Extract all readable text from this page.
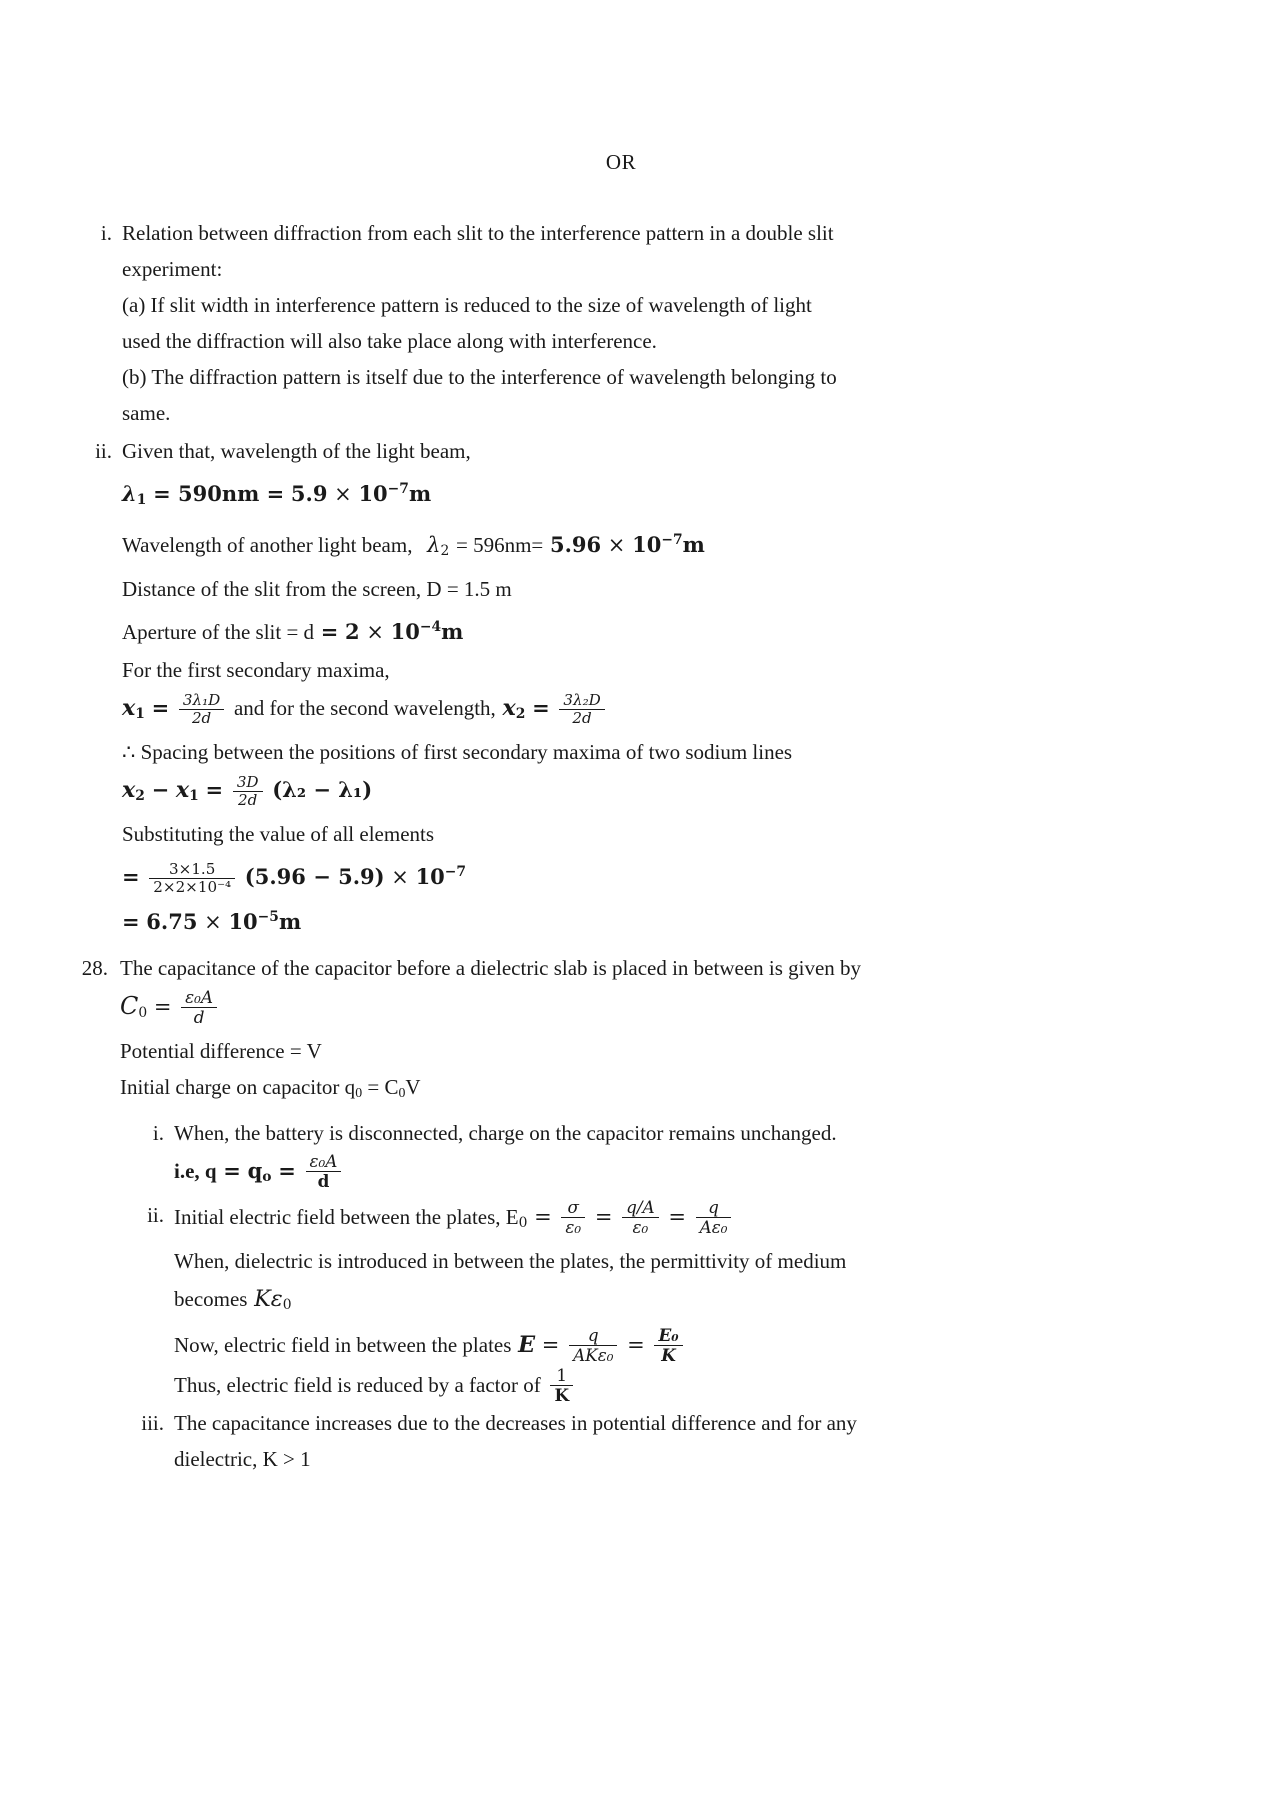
OR
i. Relation between diffraction from each slit to the interference pattern in a double slit
experiment:
(a) If slit width in interference pattern is reduced to the size of wavelength of light
used the diffraction will also take place along with interference.
(b) The diffraction pattern is itself due to the interference of wavelength belonging to
same.
ii. Given that, wavelength of the light beam,
$\lambda_1 = 590nm = 5.9 \times 10^{-7}m$
Wavelength of another light beam, $\lambda_2 = 596nm= 5.96 \times 10^{-7}m$
Distance of the slit from the screen, D = 1.5 m
Aperture of the slit = $d = 2 \times 10^{-4}m$
For the first secondary maxima,
$x_1 = \frac{\text{3λ₁D}}{2d}$ and for the second wavelength, $x_2 = \frac{\text{3λ₂D}}{2d}$
∴ Spacing between the positions of first secondary maxima of two sodium lines
$x_2 - x_1 = \frac{3D}{2d} (\lambda_2 - \lambda_1)$
Substituting the value of all elements
= $\frac{3\times 1.5}{\text{2×2×10⁻⁴}} (5.96 - 5.9) \times 10^{-7}$
= $6.75 \times 10^{-5}m$
28. The capacitance of the capacitor before a dielectric slab is placed in between is given by
$C_0 = \frac{\text{ε₀A}}{d}$
Potential difference = V
Initial charge on capacitor $q_0 = C_0V$
i. When, the battery is disconnected, charge on the capacitor remains unchanged.
i.e, $q = q_o = \frac{\text{ε₀A}}{d}$
ii. Initial electric field between the plates, $E_0 = \frac{\sigma}{\text{ε₀}} = \frac{q/A}{\text{ε₀}} = \frac{q}{\text{Aε₀}}$
When, dielectric is introduced in between the plates, the permittivity of medium
becomes $K\varepsilon_0$
Now, electric field in between the plates $E = \frac{q}{\text{AKε₀}} = \frac{\text{E₀}}{K}$
Thus, electric field is reduced by a factor of $\frac{1}{K}$
iii. The capacitance increases due to the decreases in potential difference and for any
dielectric, K > 1
